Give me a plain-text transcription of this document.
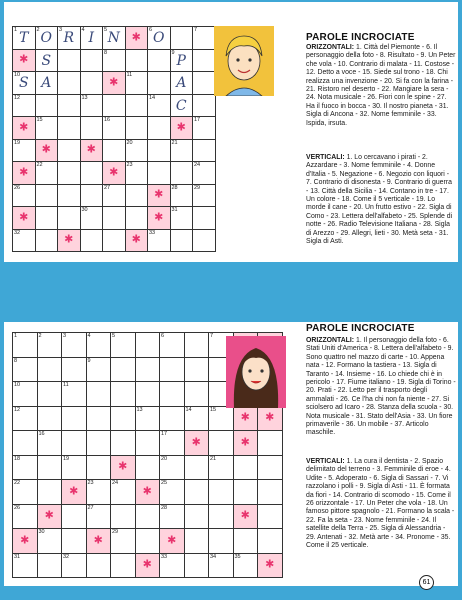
1 T	2 O	3 R	4 I	5 N ✱	6 O	7
✱
S	8	9 P
10
S A ✱	11	A
12	13	14	C
✱
15	16 ✱	17
19 ✱ ✱	20	21
✱
22 ✱	23	24
26	27 ✱	28	29
✱
30 ✱	31
32 ✱ ✱	33
PAROLE INCROCIATE
ORIZZONTALI: 1. Città del Piemonte - 6. Il personaggio della foto - 8. Risultato - 9. Un Peter che vola - 10. Contrario di malata - 11. Costose - 12. Detto a voce - 15. Siede sul trono - 18. Chi realizza una invenzione - 20. Si fa con la farina - 21. Ristoro nel deserto - 22. Mangiare la sera - 24. Nota musicale - 26. Fiori con le spine - 27. Ha il fuoco in bocca - 30. Il nostro pianeta - 31. Sigla di Ancona - 32. Nome femminile - 33. Ispida, irsuta.
VERTICALI: 1. Lo cercavano i pirati - 2. Azzardare - 3. Nome femminile - 4. Donne d'Italia - 5. Negazione - 6. Negozio con liquori - 7. Contrario di disonesta - 9. Contrario di guerra - 13. Città della Sicilia - 14. Contano in tre - 17. Un colore - 18. Come il 5 verticale - 19. Lo morde il cane - 20. Un frutto estivo - 22. Sigla di Como - 23. Lettera dell'alfabeto - 25. Splende di notte - 26. Radio Televisione Italiana - 28. Sigla di Arezzo - 29. Allegri, lieti - 30. Metà seta - 31. Sigla di Asti.
1	2	3	4	5	6	7
✱
✱
8	9
✱
✱
10	11
✱
✱
12	13	14	15
✱
✱
16	17
✱
✱
18	19 ✱	20	21
22 ✱	23	24 ✱	25
26 ✱	27	28
✱
✱
30 ✱	29
✱
31	32 ✱	33	34	35
✱
PAROLE INCROCIATE
ORIZZONTALI: 1. Il personaggio della foto - 6. Stati Uniti d'America - 8. Lettera dell'alfabeto - 9. Sono quattro nel mazzo di carte - 10. Appena nata - 12. Formano la tastiera - 13. Sigla di Taranto - 14. Insieme - 16. Lo chiede chi è in pericolo - 17. Fiume italiano - 19. Sigla di Torino - 20. Prati - 22. Letto per il trasporto degli ammalati - 26. Ce l'ha chi non fa niente - 27. Si sciolsero ad Icaro - 28. Stanza della scuola - 30. Nota musicale - 31. Stato dell'Asia - 33. Un fiore primaverile - 36. Un mobile - 37. Articolo maschile.
VERTICALI: 1. La cura il dentista - 2. Spazio delimitato del terreno - 3. Femminile di eroe - 4. Udite - 5. Adoperato - 6. Sigla di Sassari - 7. Vi razzolano i polli - 9. Sigla di Asti - 11. È formata da fiori - 14. Contrario di scomodo - 15. Come il 26 orizzontale - 17. Un Peter che vola - 18. Un famoso pittore spagnolo - 21. Formano la scala - 22. Fa la seta - 23. Nome femminile - 24. Il satellite della Terra - 25. Sigla di Alessandria - 29. Antenati - 32. Metà arte - 34. Pronome - 35. Come il 25 verticale.
61
